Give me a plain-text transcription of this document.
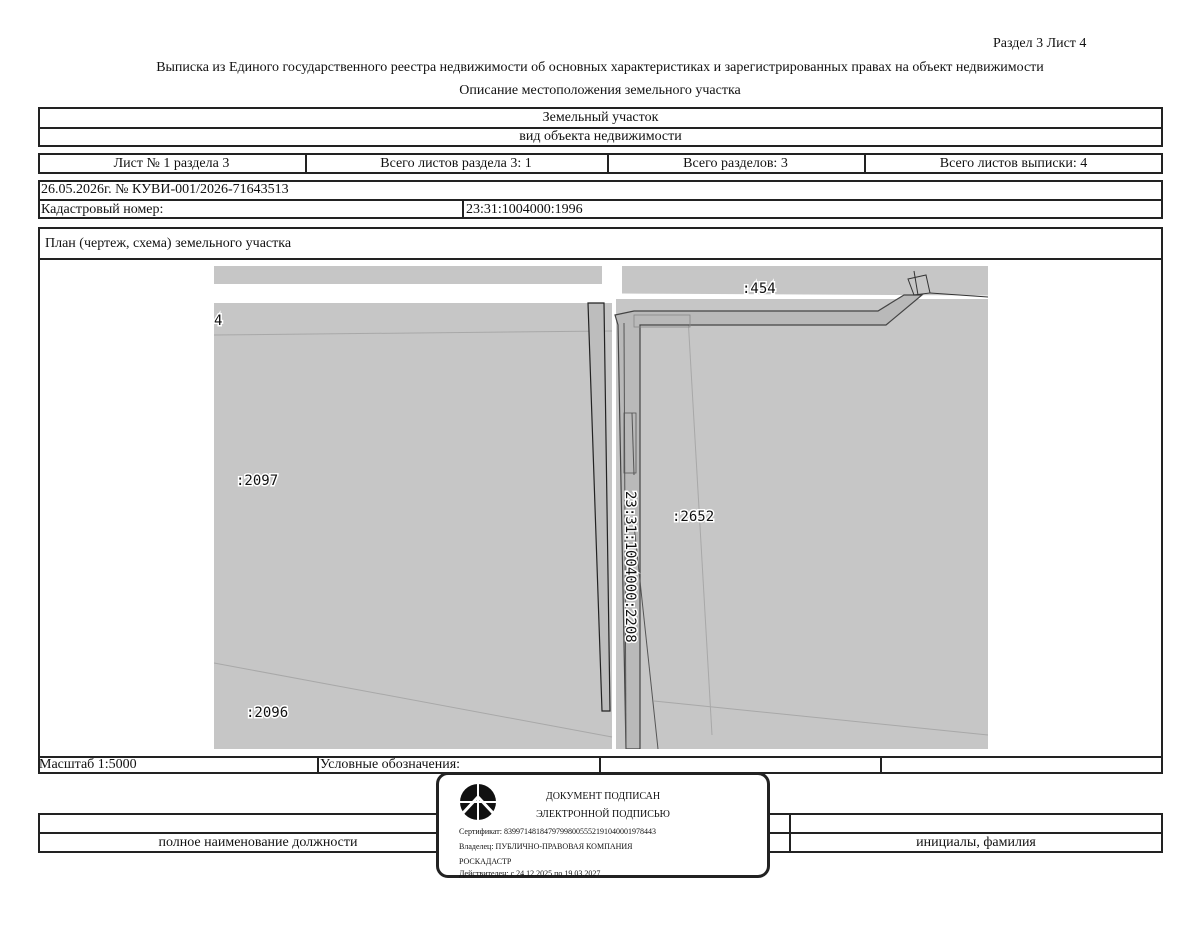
Раздел 3 Лист 4
Выписка из Единого государственного реестра недвижимости об основных характеристиках и зарегистрированных правах на объект недвижимости
Описание местоположения земельного участка
Земельный участок
вид объекта недвижимости
Лист № 1 раздела 3	Всего листов раздела 3: 1	Всего разделов: 3	Всего листов выписки: 4
26.05.2026г. № КУВИ-001/2026-71643513
Кадастровый номер:	23:31:1004000:1996
План (чертеж, схема) земельного участка
4
:2097
:2096
:2652
:454
23:31:1004000:2208
Масштаб 1:5000	Условные обозначения:
полное наименование должности	инициалы, фамилия
ДОКУМЕНТ ПОДПИСАН
ЭЛЕКТРОННОЙ ПОДПИСЬЮ
Сертификат: 83997148184797998005552191040001978443
Владелец: ПУБЛИЧНО-ПРАВОВАЯ КОМПАНИЯ
РОСКАДАСТР
Действителен: с 24.12.2025 по 19.03.2027
